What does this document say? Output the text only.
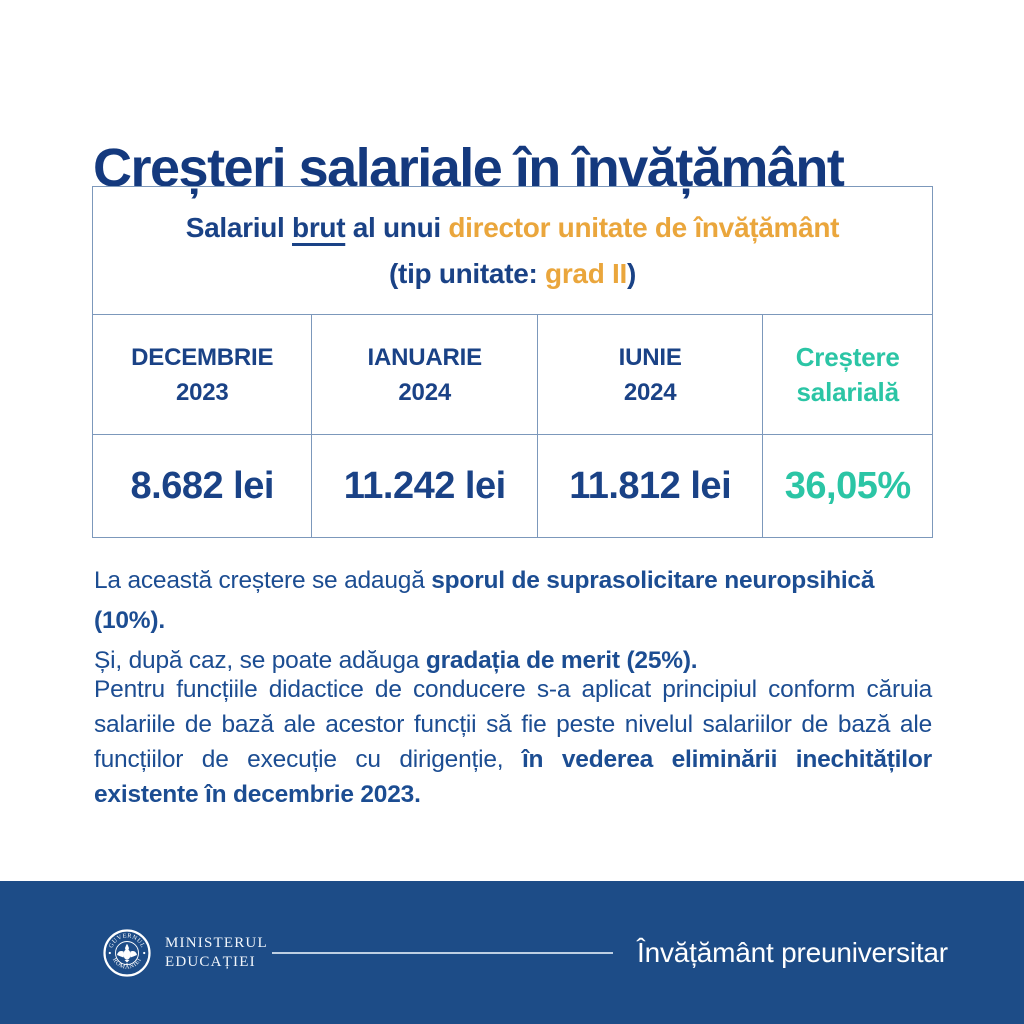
Creșteri salariale în învățământ
Salariul brut al unui director unitate de învățământ
(tip unitate: grad II)
DECEMBRIE
2023
IANUARIE
2024
IUNIE
2024
Creștere
salarială
8.682 lei 11.242 lei 11.812 lei 36,05%
La această creștere se adaugă sporul de suprasolicitare neuropsihică (10%).
Și, după caz, se poate adăuga gradația de merit (25%).
Pentru funcțiile didactice de conducere s-a aplicat principiul conform căruia salariile de bază ale acestor funcții să fie peste nivelul salariilor de bază ale funcțiilor de execuție cu dirigenție, în vederea eliminării inechităților existente în decembrie 2023.
GUVERNUL
ROMÂNIEI
MINISTERUL
EDUCAȚIEI	Învățământ preuniversitar
